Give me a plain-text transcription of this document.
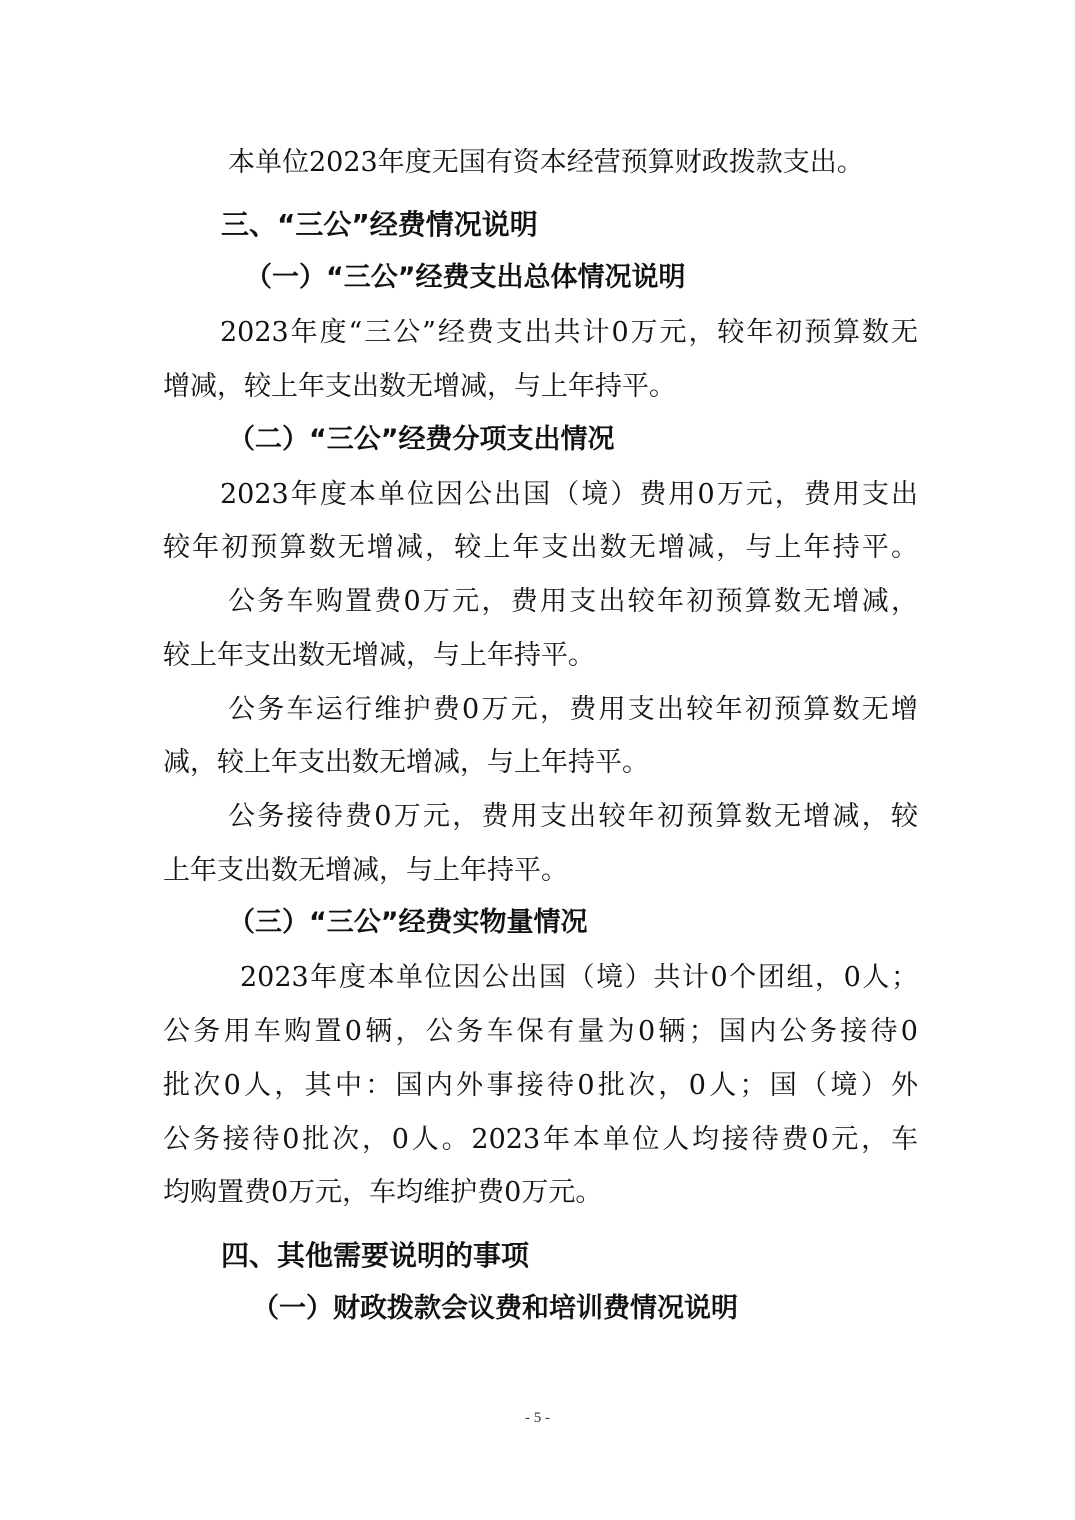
本单位2023年度无国有资本经营预算财政拨款支出。
三、“三公”经费情况说明
（一）“三公”经费支出总体情况说明
2023年度“三公”经费支出共计0万元，较年初预算数无
增减，较上年支出数无增减，与上年持平。
（二）“三公”经费分项支出情况
2023年度本单位因公出国（境）费用0万元，费用支出
较年初预算数无增减，较上年支出数无增减，与上年持平。
公务车购置费0万元，费用支出较年初预算数无增减，
较上年支出数无增减，与上年持平。
公务车运行维护费0万元，费用支出较年初预算数无增
减，较上年支出数无增减，与上年持平。
公务接待费0万元，费用支出较年初预算数无增减，较
上年支出数无增减，与上年持平。
（三）“三公”经费实物量情况
2023年度本单位因公出国（境）共计0个团组，0人；
公务用车购置0辆，公务车保有量为0辆；国内公务接待0
批次0人，其中：国内外事接待0批次，0人；国（境）外
公务接待0批次，0人。2023年本单位人均接待费0元，车
均购置费0万元，车均维护费0万元。
四、其他需要说明的事项
（一）财政拨款会议费和培训费情况说明
- 5 -
